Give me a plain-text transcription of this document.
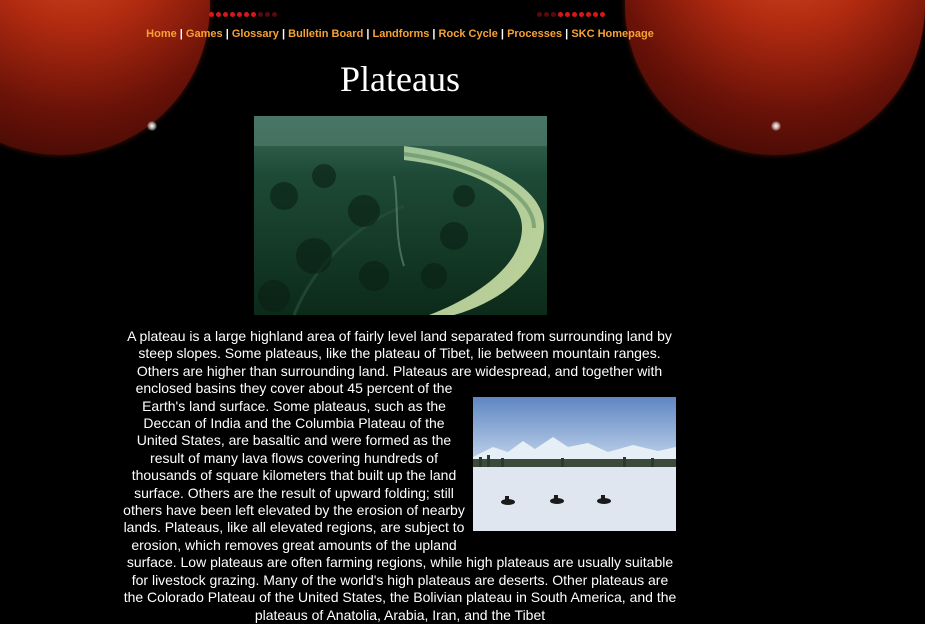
Home | Games | Glossary | Bulletin Board | Landforms | Rock Cycle | Processes | SKC Homepage
Plateaus

A plateau is a large highland area of fairly level land separated from surrounding land by steep slopes. Some plateaus, like the plateau of Tibet, lie between mountain ranges. Others are higher than surrounding land. Plateaus are widespread, and together with enclosed basins they cover about 45 percent of the Earth's land surface. Some plateaus, such as the Deccan of India and the Columbia Plateau of the United States, are basaltic and were formed as the result of many lava flows covering hundreds of thousands of square kilometers that built up the land surface. Others are the result of upward folding; still others have been left elevated by the erosion of nearby lands. Plateaus, like all elevated regions, are subject to erosion, which removes great amounts of the upland surface. Low plateaus are often farming regions, while high plateaus are usually suitable for livestock grazing. Many of the world's high plateaus are deserts. Other plateaus are the Colorado Plateau of the United States, the Bolivian plateau in South America, and the plateaus of Anatolia, Arabia, Iran, and the Tibet
